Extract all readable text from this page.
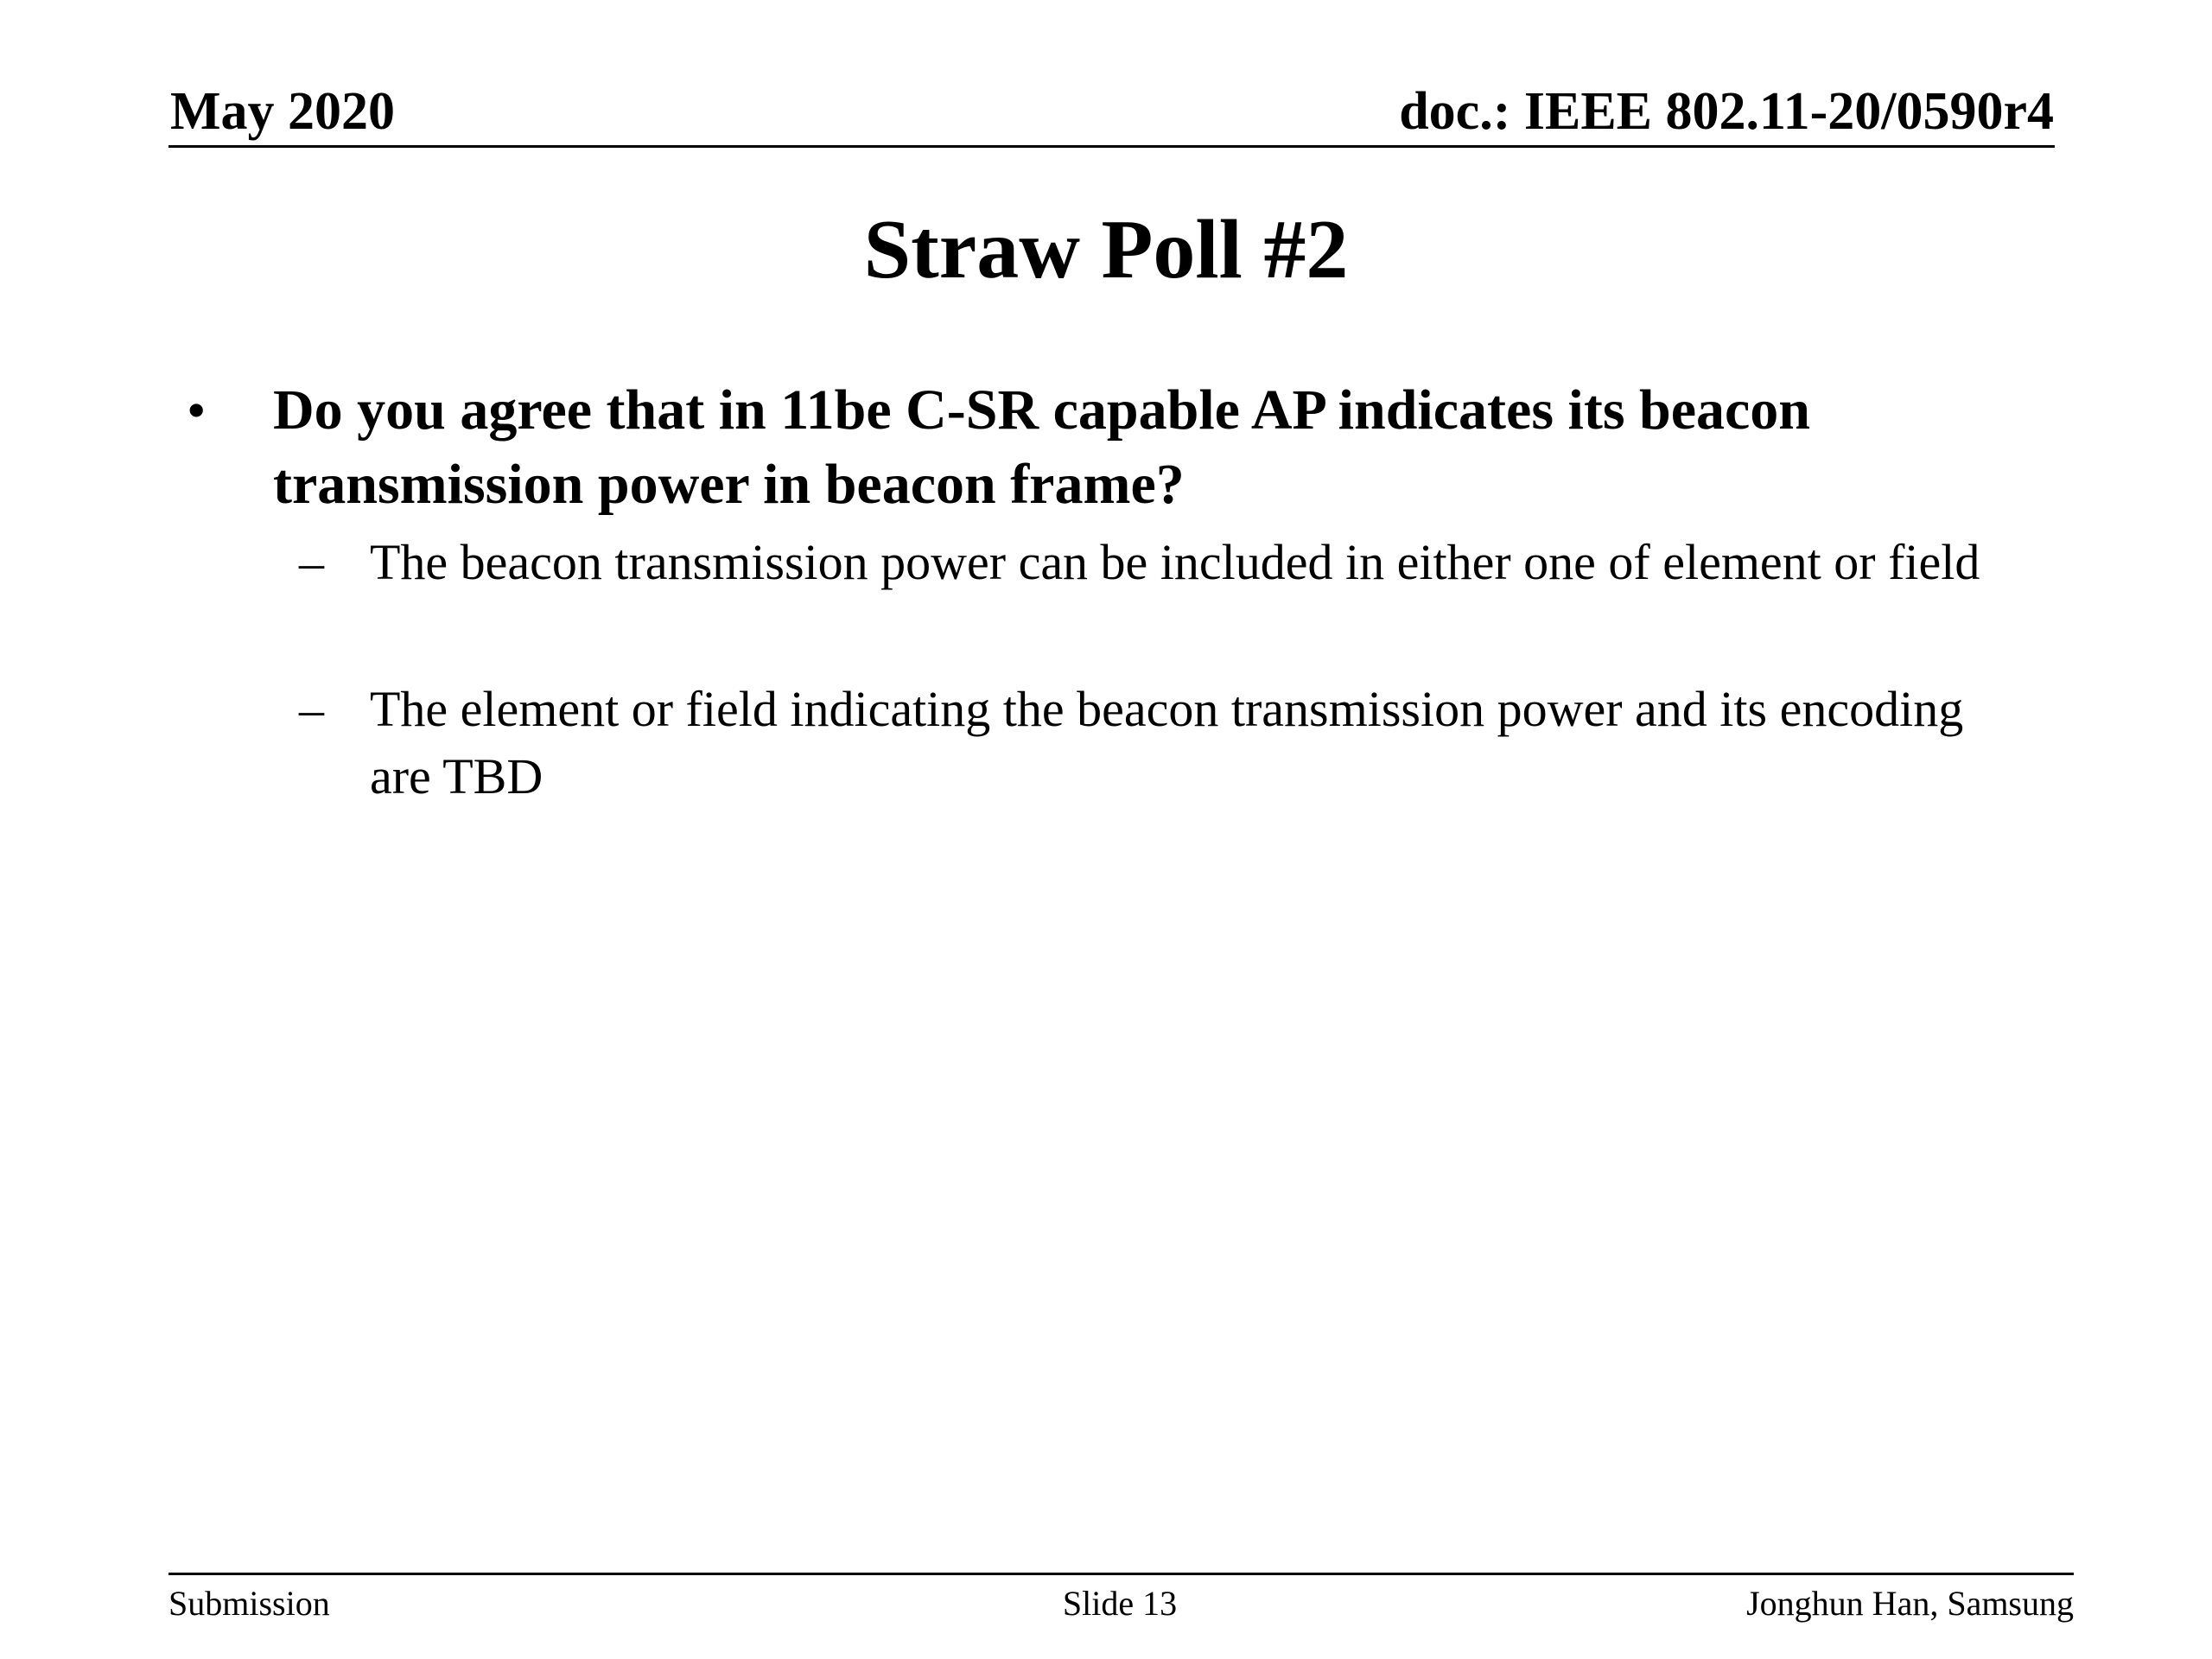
May 2020	doc.: IEEE 802.11-20/0590r4
Straw Poll #2
• Do you agree that in 11be C-SR capable AP indicates its beacon transmission power in beacon frame?
– The beacon transmission power can be included in either one of element or field
– The element or field indicating the beacon transmission power and its encoding are TBD
Submission	Slide 13	Jonghun Han, Samsung
